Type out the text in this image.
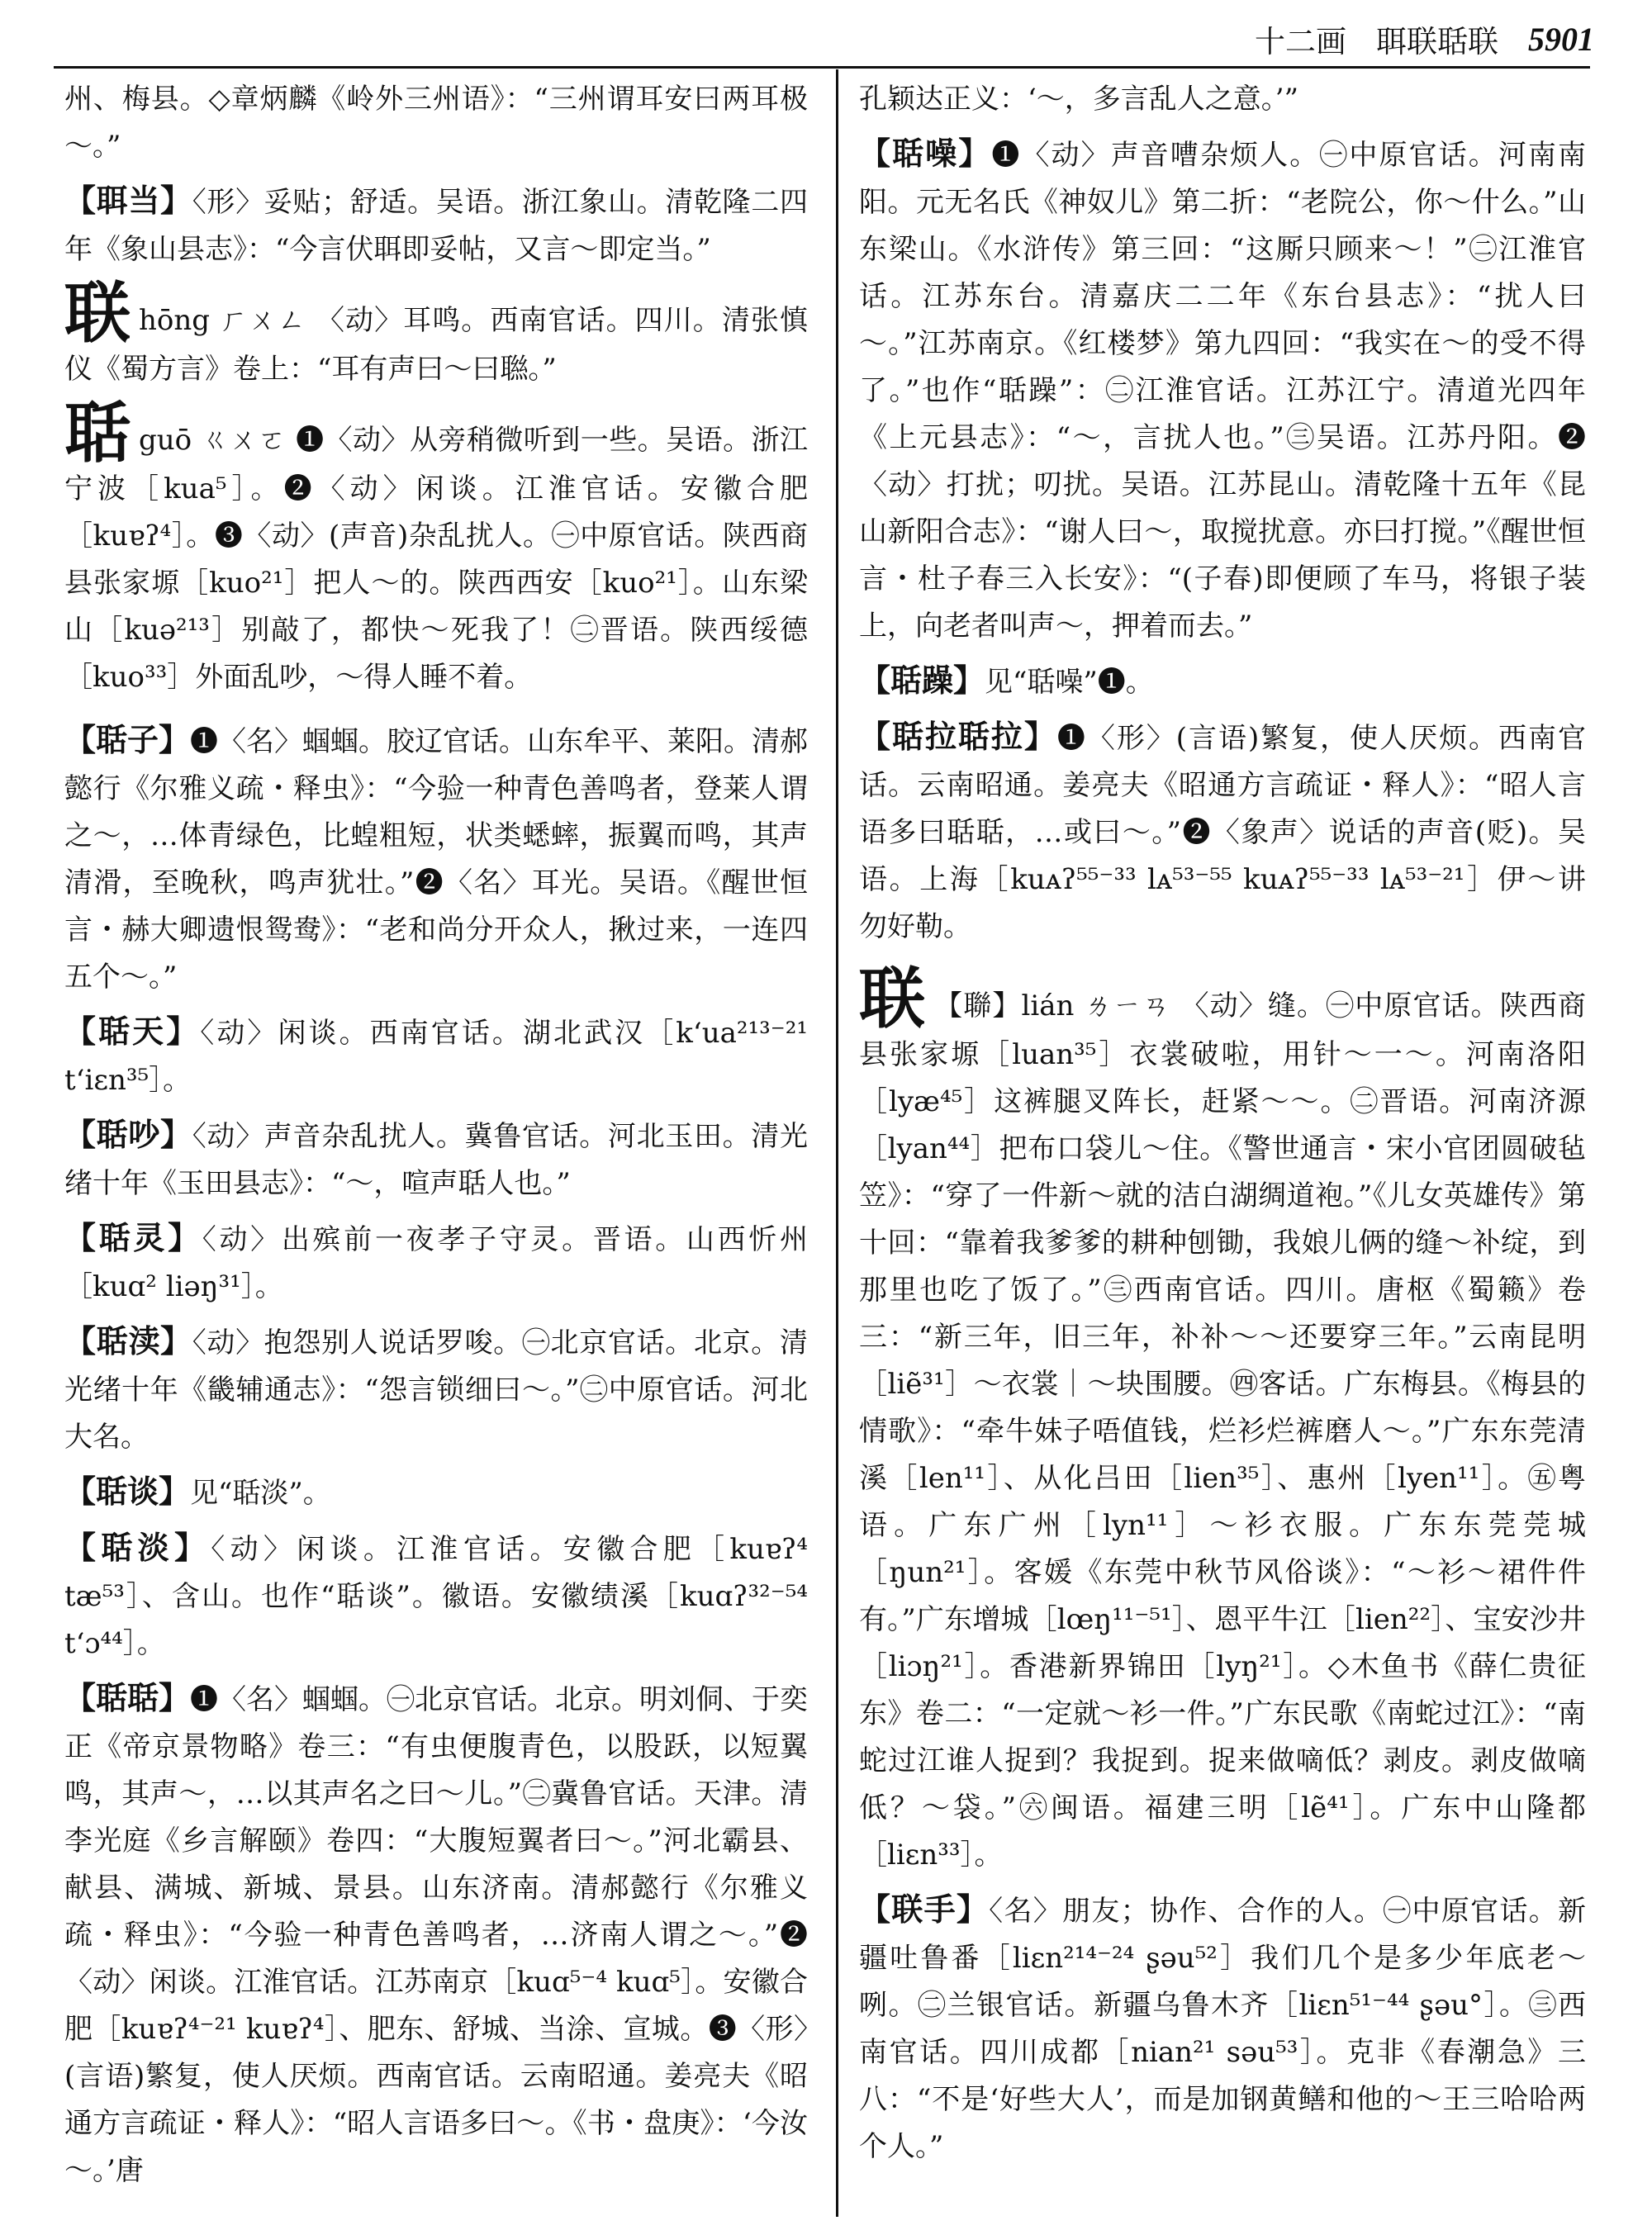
十二画 聑联聒联 5901

州、梅县。◇章炳麟《岭外三州语》：“三州谓耳安曰两耳极～。”

【聑当】〈形〉妥贴；舒适。吴语。浙江象山。清乾隆二四年《象山县志》：“今言伏聑即妥帖，又言～即定当。”

联hōng ㄏㄨㄥ 〈动〉耳鸣。西南官话。四川。清张慎仪《蜀方言》卷上：“耳有声曰～曰聮。”

聒guō ㄍㄨㄛ ❶〈动〉从旁稍微听到一些。吴语。浙江宁波［kua⁵］。❷〈动〉闲谈。江淮官话。安徽合肥［kuɐʔ⁴］。❸〈动〉(声音)杂乱扰人。㊀中原官话。陕西商县张家塬［kuo²¹］把人～的。陕西西安［kuo²¹］。山东梁山［kuə²¹³］别敲了，都快～死我了！㊁晋语。陕西绥德［kuo³³］外面乱吵，～得人睡不着。

【聒子】❶〈名〉蝈蝈。胶辽官话。山东牟平、莱阳。清郝懿行《尔雅义疏・释虫》：“今验一种青色善鸣者，登莱人谓之～，…体青绿色，比蝗粗短，状类蟋蟀，振翼而鸣，其声清滑，至晚秋，鸣声犹壮。”❷〈名〉耳光。吴语。《醒世恒言・赫大卿遗恨鸳鸯》：“老和尚分开众人，揪过来，一连四五个～。”

【聒天】〈动〉闲谈。西南官话。湖北武汉［k‘ua²¹³⁻²¹ t‘iɛn³⁵］。

【聒吵】〈动〉声音杂乱扰人。冀鲁官话。河北玉田。清光绪十年《玉田县志》：“～，喧声聒人也。”

【聒灵】〈动〉出殡前一夜孝子守灵。晋语。山西忻州［kuɑ² liəŋ³¹］。

【聒渎】〈动〉抱怨别人说话罗唆。㊀北京官话。北京。清光绪十年《畿辅通志》：“怨言锁细曰～。”㊁中原官话。河北大名。

【聒谈】见“聒淡”。

【聒淡】〈动〉闲谈。江淮官话。安徽合肥［kuɐʔ⁴ tæ⁵³］、含山。也作“聒谈”。徽语。安徽绩溪［kuɑʔ³²⁻⁵⁴ t‘ɔ⁴⁴］。

【聒聒】❶〈名〉蝈蝈。㊀北京官话。北京。明刘侗、于奕正《帝京景物略》卷三：“有虫便腹青色，以股跃，以短翼鸣，其声～，…以其声名之曰～儿。”㊁冀鲁官话。天津。清李光庭《乡言解颐》卷四：“大腹短翼者曰～。”河北霸县、献县、满城、新城、景县。山东济南。清郝懿行《尔雅义疏・释虫》：“今验一种青色善鸣者，…济南人谓之～。”❷〈动〉闲谈。江淮官话。江苏南京［kuɑ⁵⁻⁴ kuɑ⁵］。安徽合肥［kuɐʔ⁴⁻²¹ kuɐʔ⁴］、肥东、舒城、当涂、宣城。❸〈形〉(言语)繁复，使人厌烦。西南官话。云南昭通。姜亮夫《昭通方言疏证・释人》：“昭人言语多曰～。《书・盘庚》：‘今汝～。’唐

孔颖达正义：‘～，多言乱人之意。’”

【聒噪】❶〈动〉声音嘈杂烦人。㊀中原官话。河南南阳。元无名氏《神奴儿》第二折：“老院公，你～什么。”山东梁山。《水浒传》第三回：“这厮只顾来～！”㊁江淮官话。江苏东台。清嘉庆二二年《东台县志》：“扰人曰～。”江苏南京。《红楼梦》第九四回：“我实在～的受不得了。”也作“聒躁”：㊁江淮官话。江苏江宁。清道光四年《上元县志》：“～，言扰人也。”㊂吴语。江苏丹阳。❷〈动〉打扰；叨扰。吴语。江苏昆山。清乾隆十五年《昆山新阳合志》：“谢人曰～，取搅扰意。亦曰打搅。”《醒世恒言・杜子春三入长安》：“(子春)即便顾了车马，将银子装上，向老者叫声～，押着而去。”

【聒躁】见“聒噪”❶。

【聒拉聒拉】❶〈形〉(言语)繁复，使人厌烦。西南官话。云南昭通。姜亮夫《昭通方言疏证・释人》：“昭人言语多曰聒聒，…或曰～。”❷〈象声〉说话的声音(贬)。吴语。上海［kuᴀʔ⁵⁵⁻³³ lᴀ⁵³⁻⁵⁵ kuᴀʔ⁵⁵⁻³³ lᴀ⁵³⁻²¹］伊～讲勿好勒。

联 【聯】lián ㄌㄧㄢ 〈动〉缝。㊀中原官话。陕西商县张家塬［luan³⁵］衣裳破啦，用针～一～。河南洛阳［lyæ⁴⁵］这裤腿叉阵长，赶紧～～。㊁晋语。河南济源［lyan⁴⁴］把布口袋儿～住。《警世通言・宋小官团圆破毡笠》：“穿了一件新～就的洁白湖绸道袍。”《儿女英雄传》第十回：“靠着我爹爹的耕种刨锄，我娘儿俩的缝～补绽，到那里也吃了饭了。”㊂西南官话。四川。唐枢《蜀籁》卷三：“新三年，旧三年，补补～～还要穿三年。”云南昆明［liẽ³¹］～衣裳｜～块围腰。㊃客话。广东梅县。《梅县的情歌》：“牵牛妹子唔值钱，烂衫烂裤磨人～。”广东东莞清溪［len¹¹］、从化吕田［lien³⁵］、惠州［lyen¹¹］。㊄粤语。广东广州［lyn¹¹］～衫衣服。广东东莞莞城［ŋun²¹］。客媛《东莞中秋节风俗谈》：“～衫～裙件件有。”广东增城［lœŋ¹¹⁻⁵¹］、恩平牛江［lien²²］、宝安沙井［liɔŋ²¹］。香港新界锦田［lyŋ²¹］。◇木鱼书《薛仁贵征东》卷二：“一定就～衫一件。”广东民歌《南蛇过江》：“南蛇过江谁人捉到？我捉到。捉来做嘀低？剥皮。剥皮做嘀低？～袋。”㊅闽语。福建三明［lẽ⁴¹］。广东中山隆都［liɛn³³］。

【联手】〈名〉朋友；协作、合作的人。㊀中原官话。新疆吐鲁番［liɛn²¹⁴⁻²⁴ ʂəu⁵²］我们几个是多少年底老～咧。㊁兰银官话。新疆乌鲁木齐［liɛn⁵¹⁻⁴⁴ ʂəu°］。㊂西南官话。四川成都［nian²¹ səu⁵³］。克非《春潮急》三八：“不是‘好些大人’，而是加钢黄鳝和他的～王三哈哈两个人。”
